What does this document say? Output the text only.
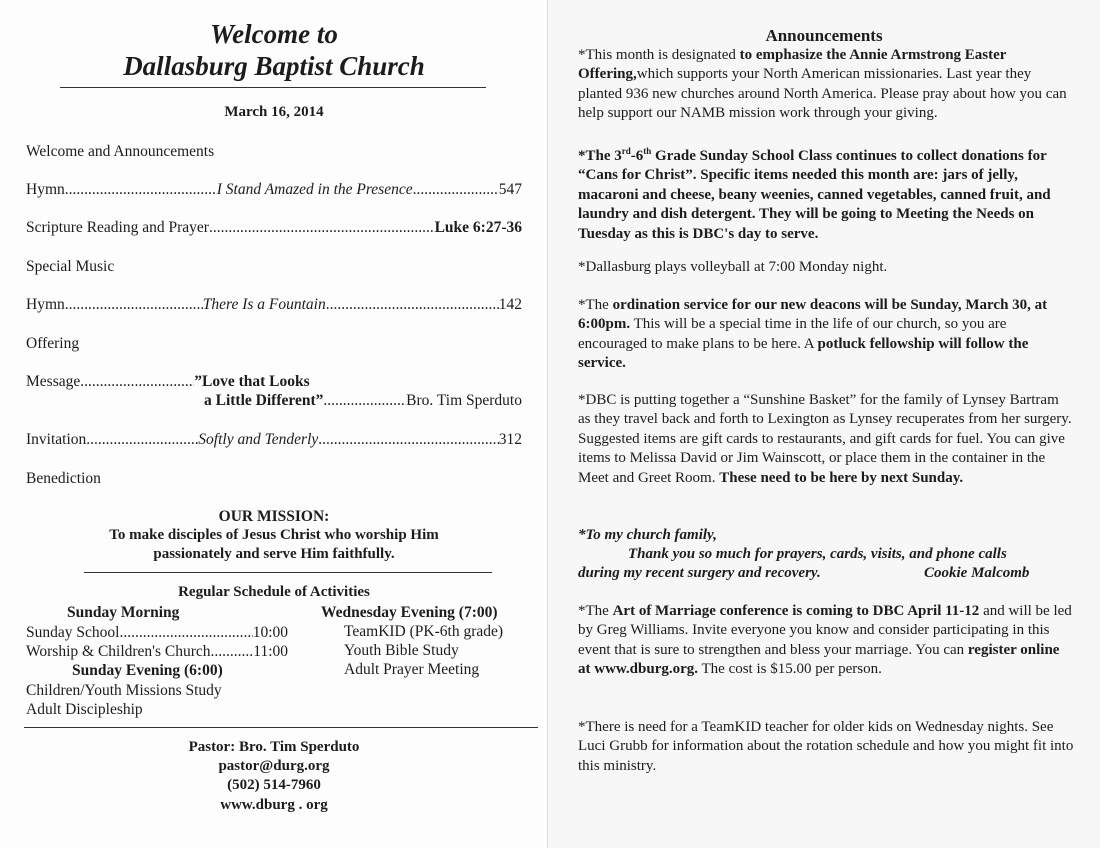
Welcome to
Dallasburg Baptist Church
March 16, 2014
Welcome and Announcements
Hymn .....	I Stand Amazed in the Presence .....	547
Scripture Reading and Prayer .....	Luke 6:27-36
Special Music
Hymn .....	There Is a Fountain .....	142
Offering
Message .....	”Love that Looks
a Little Different” .....	Bro. Tim Sperduto
Invitation .....	Softly and Tenderly .....	312
Benediction
OUR MISSION:
To make disciples of Jesus Christ who worship Him
passionately and serve Him faithfully.
Regular Schedule of Activities
Sunday Morning
Sunday School .....	10:00
Worship & Children's Church .....	11:00
Sunday Evening (6:00)
Children/Youth Missions Study
Adult Discipleship
Wednesday Evening (7:00)
TeamKID (PK-6th grade)
Youth Bible Study
Adult Prayer Meeting
Pastor: Bro. Tim Sperduto
pastor@durg.org
(502) 514-7960
www.dburg . org
Announcements
*This month is designated to emphasize the Annie Armstrong Easter Offering,which supports your North American missionaries. Last year they planted 936 new churches around North America. Please pray about how you can help support our NAMB mission work through your giving.
*The 3rd-6th Grade Sunday School Class continues to collect donations for “Cans for Christ”. Specific items needed this month are: jars of jelly, macaroni and cheese, beany weenies, canned vegetables, canned fruit, and laundry and dish detergent. They will be going to Meeting the Needs on Tuesday as this is DBC's day to serve.
*Dallasburg plays volleyball at 7:00 Monday night.
*The ordination service for our new deacons will be Sunday, March 30, at 6:00pm. This will be a special time in the life of our church, so you are encouraged to make plans to be here. A potluck fellowship will follow the service.
*DBC is putting together a “Sunshine Basket” for the family of Lynsey Bartram as they travel back and forth to Lexington as Lynsey recuperates from her surgery. Suggested items are gift cards to restaurants, and gift cards for fuel. You can give items to Melissa David or Jim Wainscott, or place them in the container in the Meet and Greet Room. These need to be here by next Sunday.
*To my church family,
Thank you so much for prayers, cards, visits, and phone calls
during my recent surgery and recovery.	Cookie Malcomb
*The Art of Marriage conference is coming to DBC April 11-12 and will be led by Greg Williams. Invite everyone you know and consider participating in this event that is sure to strengthen and bless your marriage. You can register online at www.dburg.org. The cost is $15.00 per person.
*There is need for a TeamKID teacher for older kids on Wednesday nights. See Luci Grubb for information about the rotation schedule and how you might fit into this ministry.
